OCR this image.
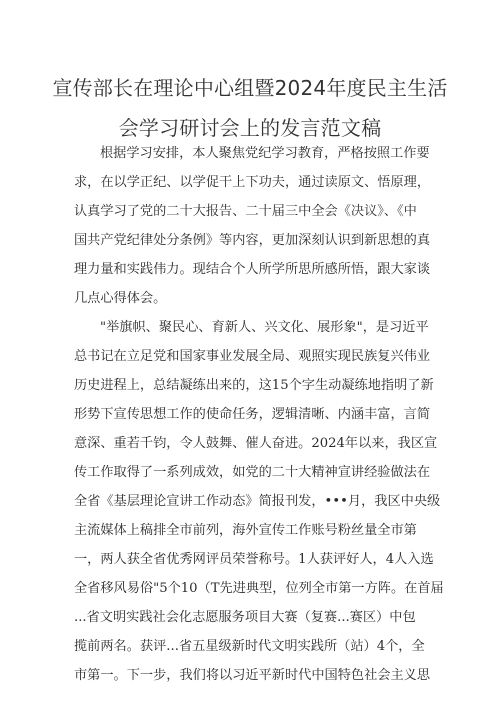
宣传部长在理论中心组暨2024年度民主生活
会学习研讨会上的发言范文稿
根据学习安排，本人聚焦党纪学习教育，严格按照工作要
求，在以学正纪、以学促干上下功夫，通过读原文、悟原理，
认真学习了党的二十大报告、二十届三中全会《决议》、《中
国共产党纪律处分条例》等内容，更加深刻认识到新思想的真
理力量和实践伟力。现结合个人所学所思所感所悟，跟大家谈
几点心得体会。
"举旗帜、聚民心、育新人、兴文化、展形象"，是习近平
总书记在立足党和国家事业发展全局、观照实现民族复兴伟业
历史进程上，总结凝练出来的，这15个字生动凝练地指明了新
形势下宣传思想工作的使命任务，逻辑清晰、内涵丰富，言简
意深、重若千钧，令人鼓舞、催人奋进。2024年以来，我区宣
传工作取得了一系列成效，如党的二十大精神宣讲经验做法在
全省《基层理论宣讲工作动态》简报刊发，•••月，我区中央级
主流媒体上稿排全市前列，海外宣传工作账号粉丝量全市第
一，两人获全省优秀网评员荣誉称号。1人获评好人，4人入选
全省移风易俗"5个10（T先进典型，位列全市第一方阵。在首届
...省文明实践社会化志愿服务项目大赛（复赛...赛区）中包
揽前两名。获评...省五星级新时代文明实践所（站）4个，全
市第一。下一步，我们将以习近平新时代中国特色社会主义思
